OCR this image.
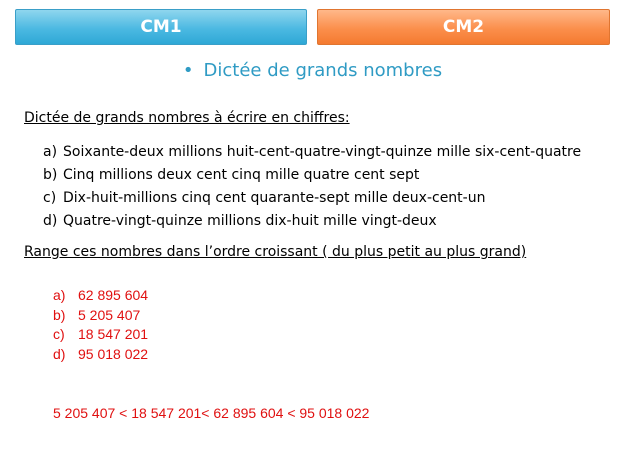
CM1	CM2
• Dictée de grands nombres
Dictée de grands nombres à écrire en chiffres:
a) Soixante-deux millions huit-cent-quatre-vingt-quinze mille six-cent-quatre
b) Cinq millions deux cent cinq mille quatre cent sept
c) Dix-huit-millions cinq cent quarante-sept mille deux-cent-un
d) Quatre-vingt-quinze millions dix-huit mille vingt-deux
Range ces nombres dans l’ordre croissant ( du plus petit au plus grand)
a) 62 895 604
b) 5 205 407
c) 18 547 201
d) 95 018 022
5 205 407 < 18 547 201< 62 895 604 < 95 018 022
